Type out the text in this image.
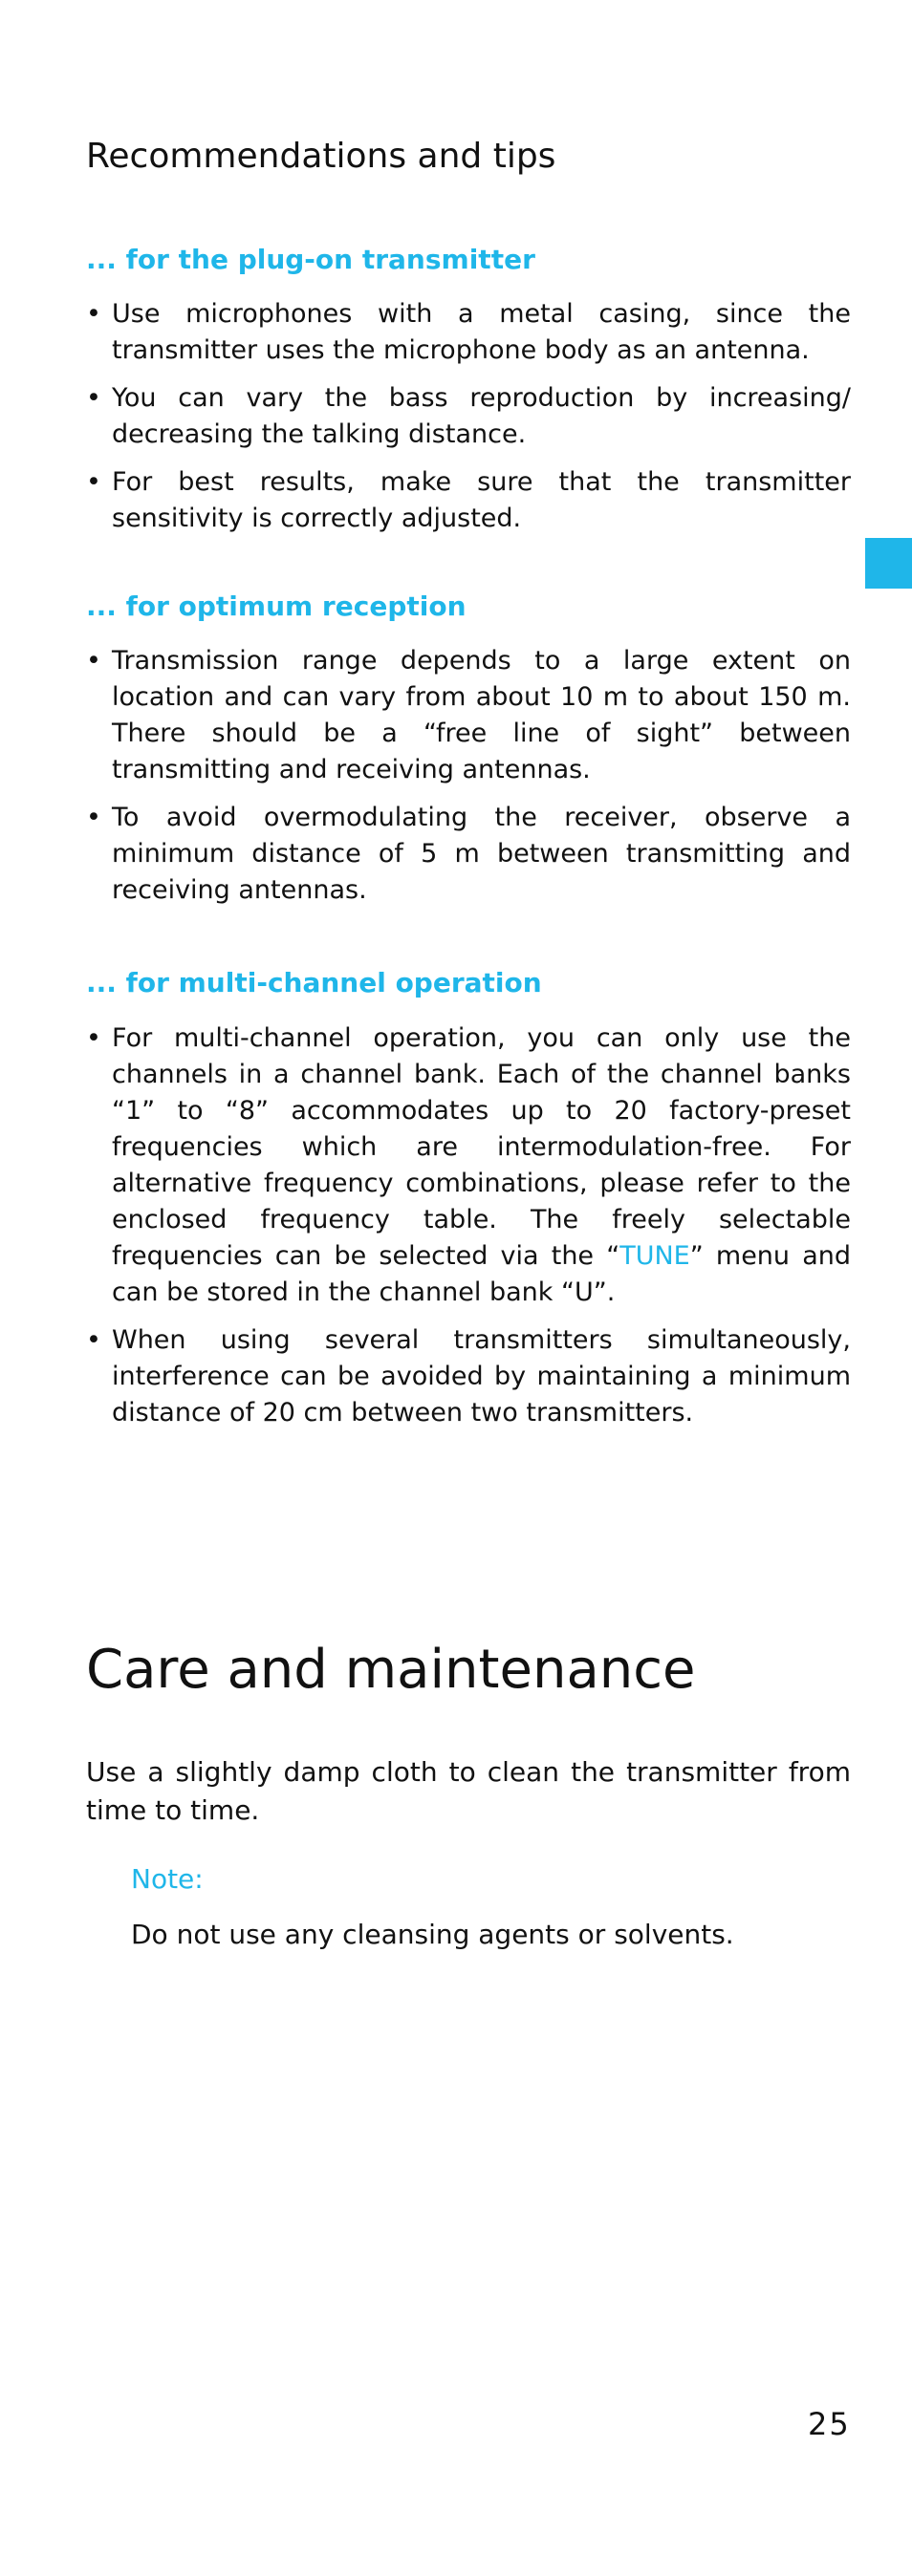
Recommendations and tips
... for the plug-on transmitter
• Use microphones with a metal casing, since the transmitter uses the microphone body as an antenna.
• You can vary the bass reproduction by increasing/ decreasing the talking distance.
• For best results, make sure that the transmitter sensitivity is correctly adjusted.
... for optimum reception
• Transmission range depends to a large extent on location and can vary from about 10 m to about 150 m. There should be a “free line of sight” between transmitting and receiving antennas.
• To avoid overmodulating the receiver, observe a minimum distance of 5 m between transmitting and receiving antennas.
... for multi-channel operation
• For multi-channel operation, you can only use the channels in a channel bank. Each of the channel banks “1” to “8” accommodates up to 20 factory-preset frequencies which are intermodulation-free. For alternative frequency combinations, please refer to the enclosed frequency table. The freely selectable frequencies can be selected via the “TUNE” menu and can be stored in the channel bank “U”.
• When using several transmitters simultaneously, interference can be avoided by maintaining a minimum distance of 20 cm between two transmitters.
Care and maintenance

Use a slightly damp cloth to clean the transmitter from time to time.

Note:

Do not use any cleansing agents or solvents.

25
